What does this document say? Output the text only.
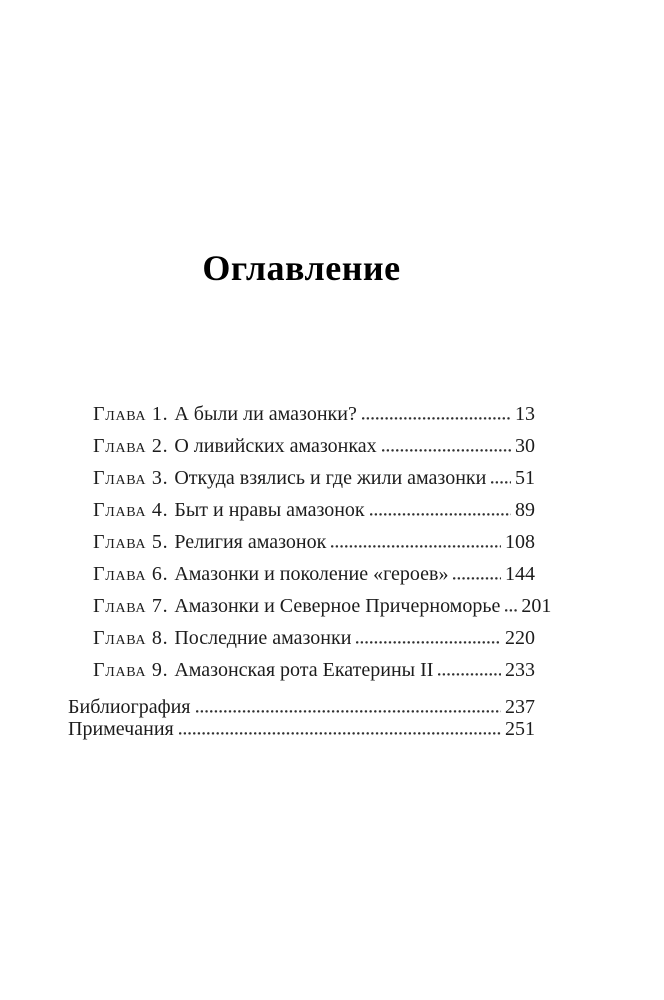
Оглавление
Глава 1. А были ли амазонки?	13
Глава 2. О ливийских амазонках	30
Глава 3. Откуда взялись и где жили амазонки 51
Глава 4. Быт и нравы амазонок	89
Глава 5. Религия амазонок	108
Глава 6. Амазонки и поколение «героев»	144
Глава 7. Амазонки и Северное Причерноморье 201
Глава 8. Последние амазонки	220
Глава 9. Амазонская рота Екатерины II	233
Библиография	237
Примечания	251
